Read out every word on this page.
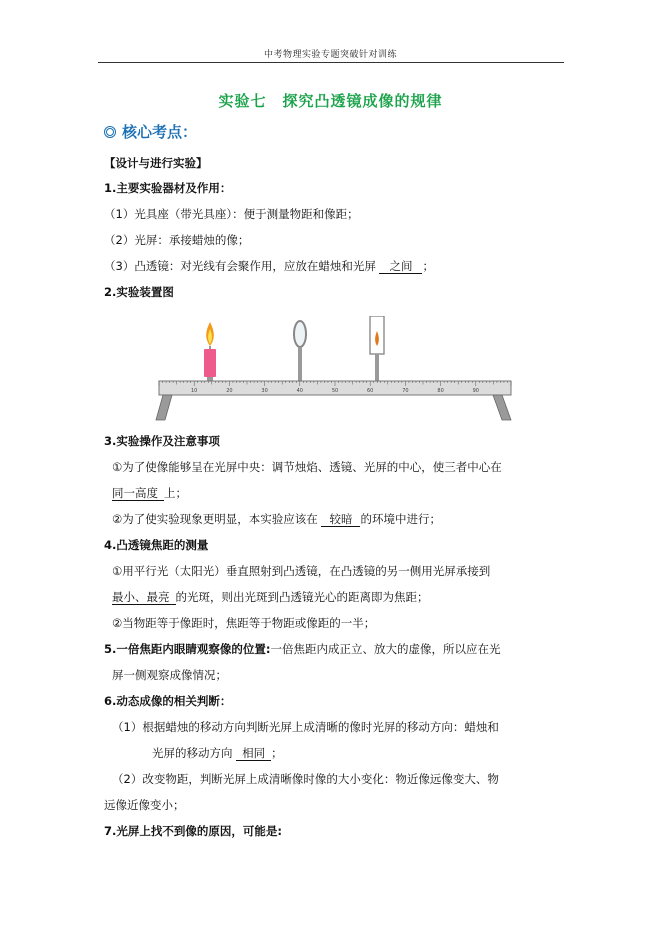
中考物理实验专题突破针对训练
实验七　探究凸透镜成像的规律
核心考点：
【设计与进行实验】
1.主要实验器材及作用：
（1）光具座（带光具座）：便于测量物距和像距；
（2）光屏：承接蜡烛的像；
（3）凸透镜：对光线有会聚作用，应放在蜡烛和光屏 之间 ；
2.实验装置图
10	20	30	40	50	60	70	80	90
3.实验操作及注意事项
①为了使像能够呈在光屏中央：调节烛焰、透镜、光屏的中心，使三者中心在
同一高度 上；
②为了使实验现象更明显，本实验应该在 较暗 的环境中进行；
4.凸透镜焦距的测量
①用平行光（太阳光）垂直照射到凸透镜，在凸透镜的另一侧用光屏承接到
最小、最亮 的光斑，则出光斑到凸透镜光心的距离即为焦距；
②当物距等于像距时，焦距等于物距或像距的一半；
5.一倍焦距内眼睛观察像的位置:一倍焦距内成正立、放大的虚像，所以应在光
屏一侧观察成像情况；
6.动态成像的相关判断：
（1）根据蜡烛的移动方向判断光屏上成清晰的像时光屏的移动方向：蜡烛和
光屏的移动方向 相同 ；
（2）改变物距，判断光屏上成清晰像时像的大小变化：物近像远像变大、物
远像近像变小；
7.光屏上找不到像的原因，可能是:
